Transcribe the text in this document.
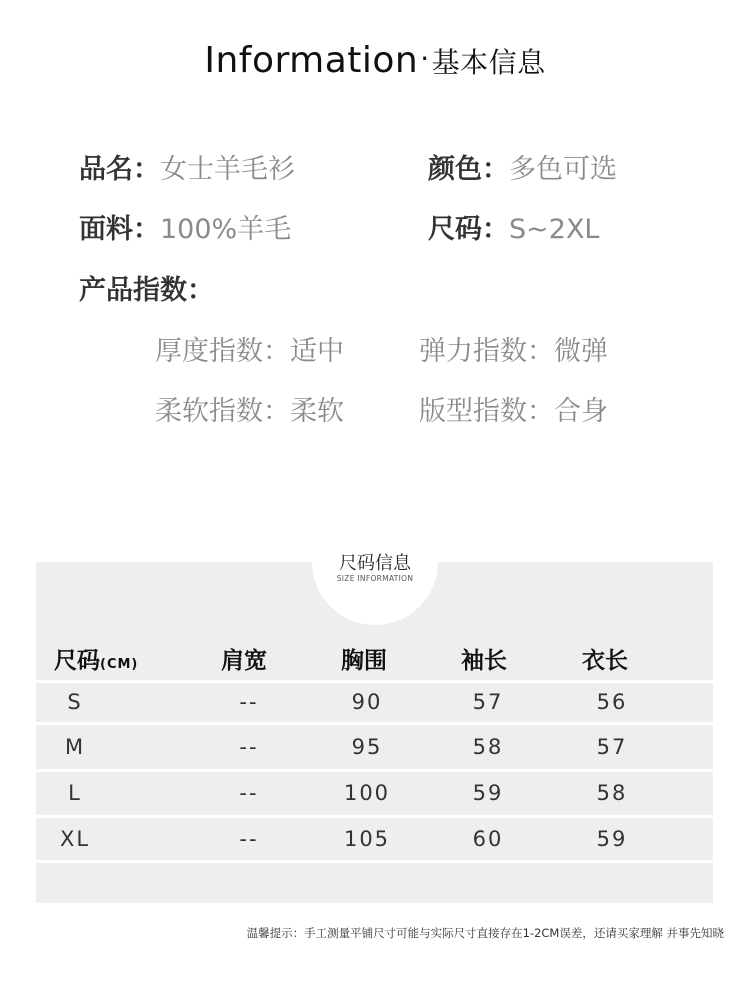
Information·基本信息
品名：女士羊毛衫	颜色：多色可选
面料：100%羊毛	尺码：S~2XL
产品指数：
厚度指数：适中	弹力指数：微弹
柔软指数：柔软	版型指数：合身
尺码信息
SIZE INFORMATION
尺码(CM)	肩宽	胸围	袖长	衣长
S	--	90	57	56
M	--	95	58	57
L	--	100	59	58
XL	--	105	60	59
温馨提示：手工测量平铺尺寸可能与实际尺寸直接存在1-2CM误差，还请买家理解 并事先知晓
